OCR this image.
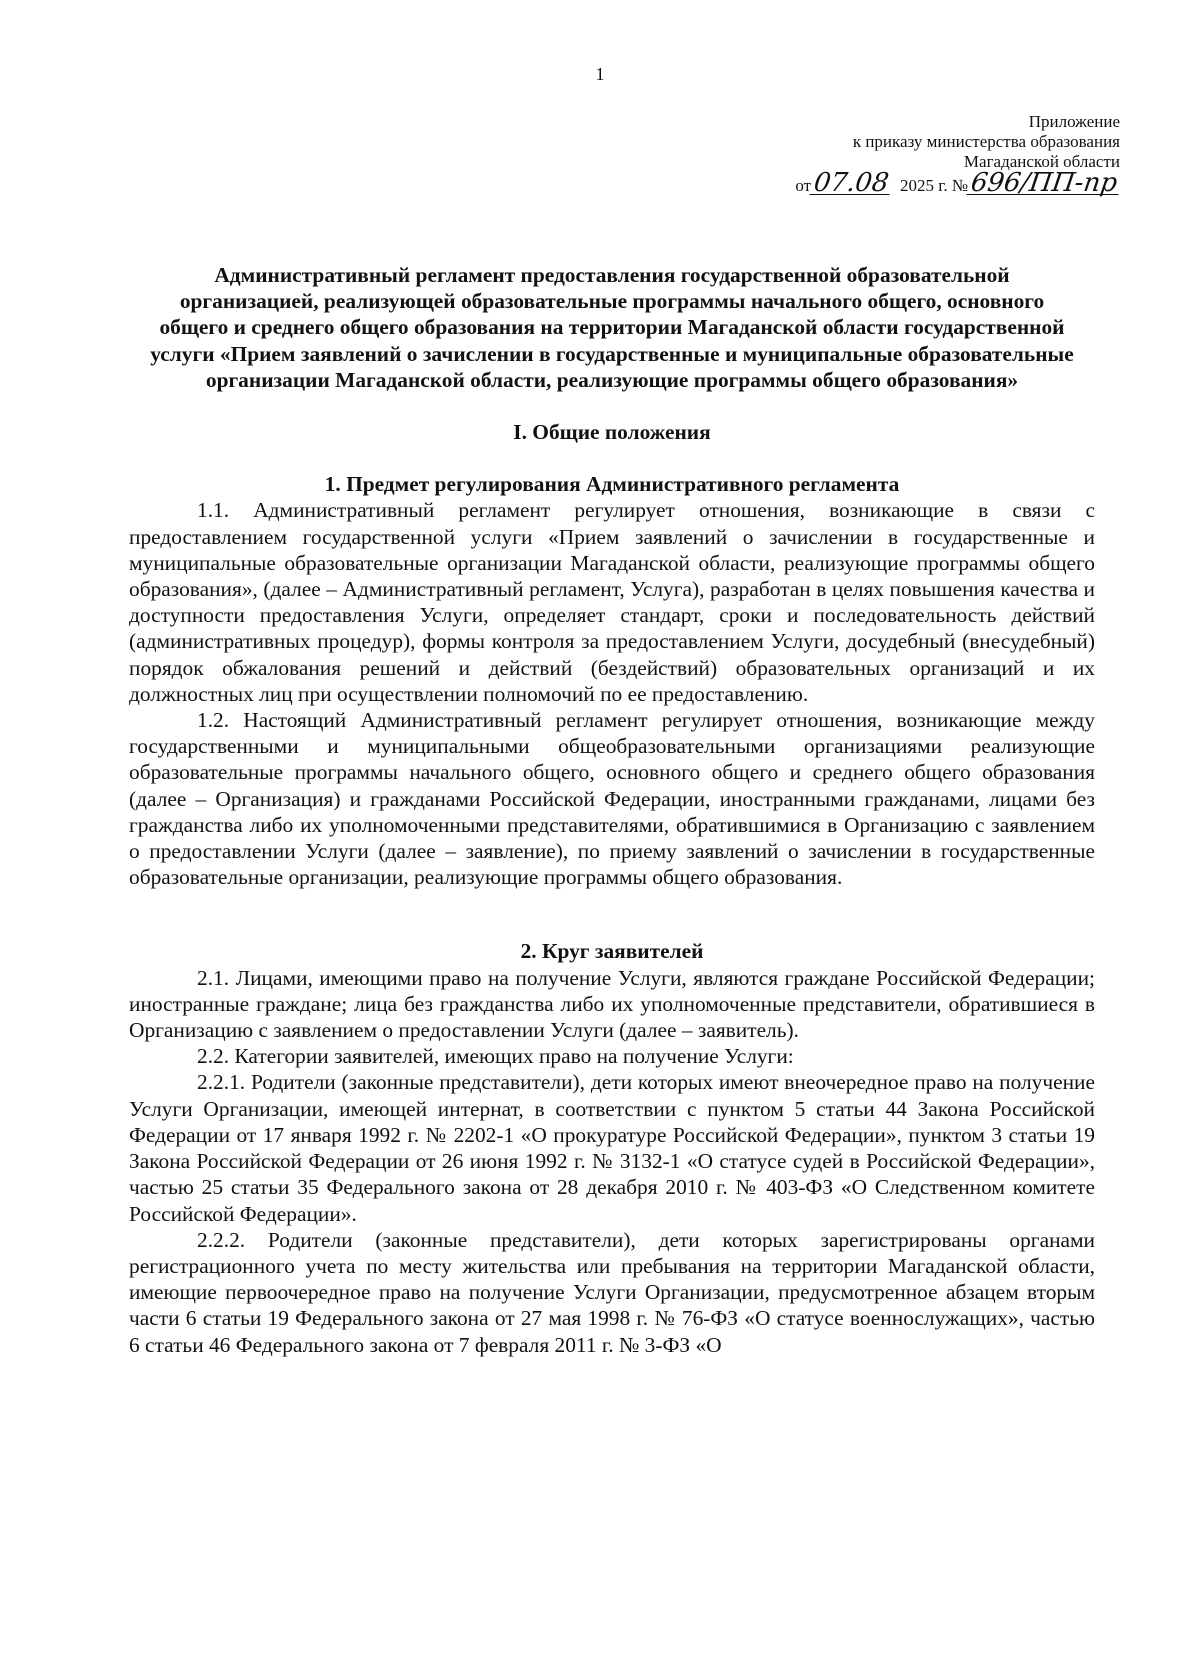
1
Приложение
к приказу министерства образования
Магаданской области
от07.08 2025 г. №696/ПП-пр
Административный регламент предоставления государственной образовательной организацией, реализующей образовательные программы начального общего, основного общего и среднего общего образования на территории Магаданской области государственной услуги «Прием заявлений о зачислении в государственные и муниципальные образовательные организации Магаданской области, реализующие программы общего образования»
I. Общие положения
1. Предмет регулирования Административного регламента

1.1. Административный регламент регулирует отношения, возникающие в связи с предоставлением государственной услуги «Прием заявлений о зачислении в государственные и муниципальные образовательные организации Магаданской области, реализующие программы общего образования», (далее – Административный регламент, Услуга), разработан в целях повышения качества и доступности предоставления Услуги, определяет стандарт, сроки и последовательность действий (административных процедур), формы контроля за предоставлением Услуги, досудебный (внесудебный) порядок обжалования решений и действий (бездействий) образовательных организаций и их должностных лиц при осуществлении полномочий по ее предоставлению.

1.2. Настоящий Административный регламент регулирует отношения, возникающие между государственными и муниципальными общеобразовательными организациями реализующие образовательные программы начального общего, основного общего и среднего общего образования (далее – Организация) и гражданами Российской Федерации, иностранными гражданами, лицами без гражданства либо их уполномоченными представителями, обратившимися в Организацию с заявлением о предоставлении Услуги (далее – заявление), по приему заявлений о зачислении в государственные образовательные организации, реализующие программы общего образования.

2. Круг заявителей

2.1. Лицами, имеющими право на получение Услуги, являются граждане Российской Федерации; иностранные граждане; лица без гражданства либо их уполномоченные представители, обратившиеся в Организацию с заявлением о предоставлении Услуги (далее – заявитель).

2.2. Категории заявителей, имеющих право на получение Услуги:

2.2.1. Родители (законные представители), дети которых имеют внеочередное право на получение Услуги Организации, имеющей интернат, в соответствии с пунктом 5 статьи 44 Закона Российской Федерации от 17 января 1992 г. № 2202-1 «О прокуратуре Российской Федерации», пунктом 3 статьи 19 Закона Российской Федерации от 26 июня 1992 г. № 3132-1 «О статусе судей в Российской Федерации», частью 25 статьи 35 Федерального закона от 28 декабря 2010 г. № 403-ФЗ «О Следственном комитете Российской Федерации».

2.2.2. Родители (законные представители), дети которых зарегистрированы органами регистрационного учета по месту жительства или пребывания на территории Магаданской области, имеющие первоочередное право на получение Услуги Организации, предусмотренное абзацем вторым части 6 статьи 19 Федерального закона от 27 мая 1998 г. № 76-ФЗ «О статусе военнослужащих», частью 6 статьи 46 Федерального закона от 7 февраля 2011 г. № 3-ФЗ «О
